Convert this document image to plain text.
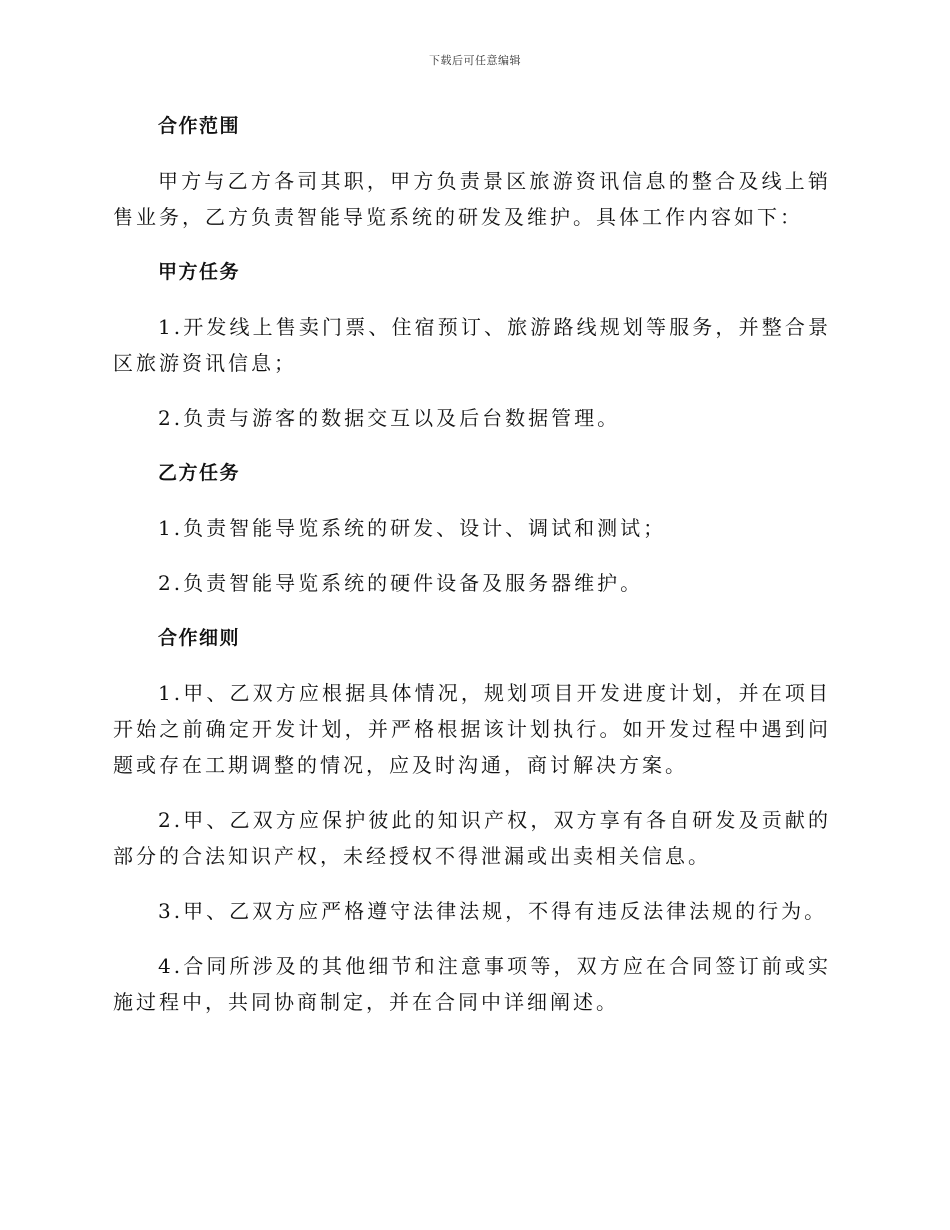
下载后可任意编辑
合作范围

甲方与乙方各司其职，甲方负责景区旅游资讯信息的整合及线上销售业务，乙方负责智能导览系统的研发及维护。具体工作内容如下：

甲方任务

1.开发线上售卖门票、住宿预订、旅游路线规划等服务，并整合景区旅游资讯信息；

2.负责与游客的数据交互以及后台数据管理。

乙方任务

1.负责智能导览系统的研发、设计、调试和测试；

2.负责智能导览系统的硬件设备及服务器维护。

合作细则

1.甲、乙双方应根据具体情况，规划项目开发进度计划，并在项目开始之前确定开发计划，并严格根据该计划执行。如开发过程中遇到问题或存在工期调整的情况，应及时沟通，商讨解决方案。

2.甲、乙双方应保护彼此的知识产权，双方享有各自研发及贡献的部分的合法知识产权，未经授权不得泄漏或出卖相关信息。

3.甲、乙双方应严格遵守法律法规，不得有违反法律法规的行为。

4.合同所涉及的其他细节和注意事项等，双方应在合同签订前或实施过程中，共同协商制定，并在合同中详细阐述。
